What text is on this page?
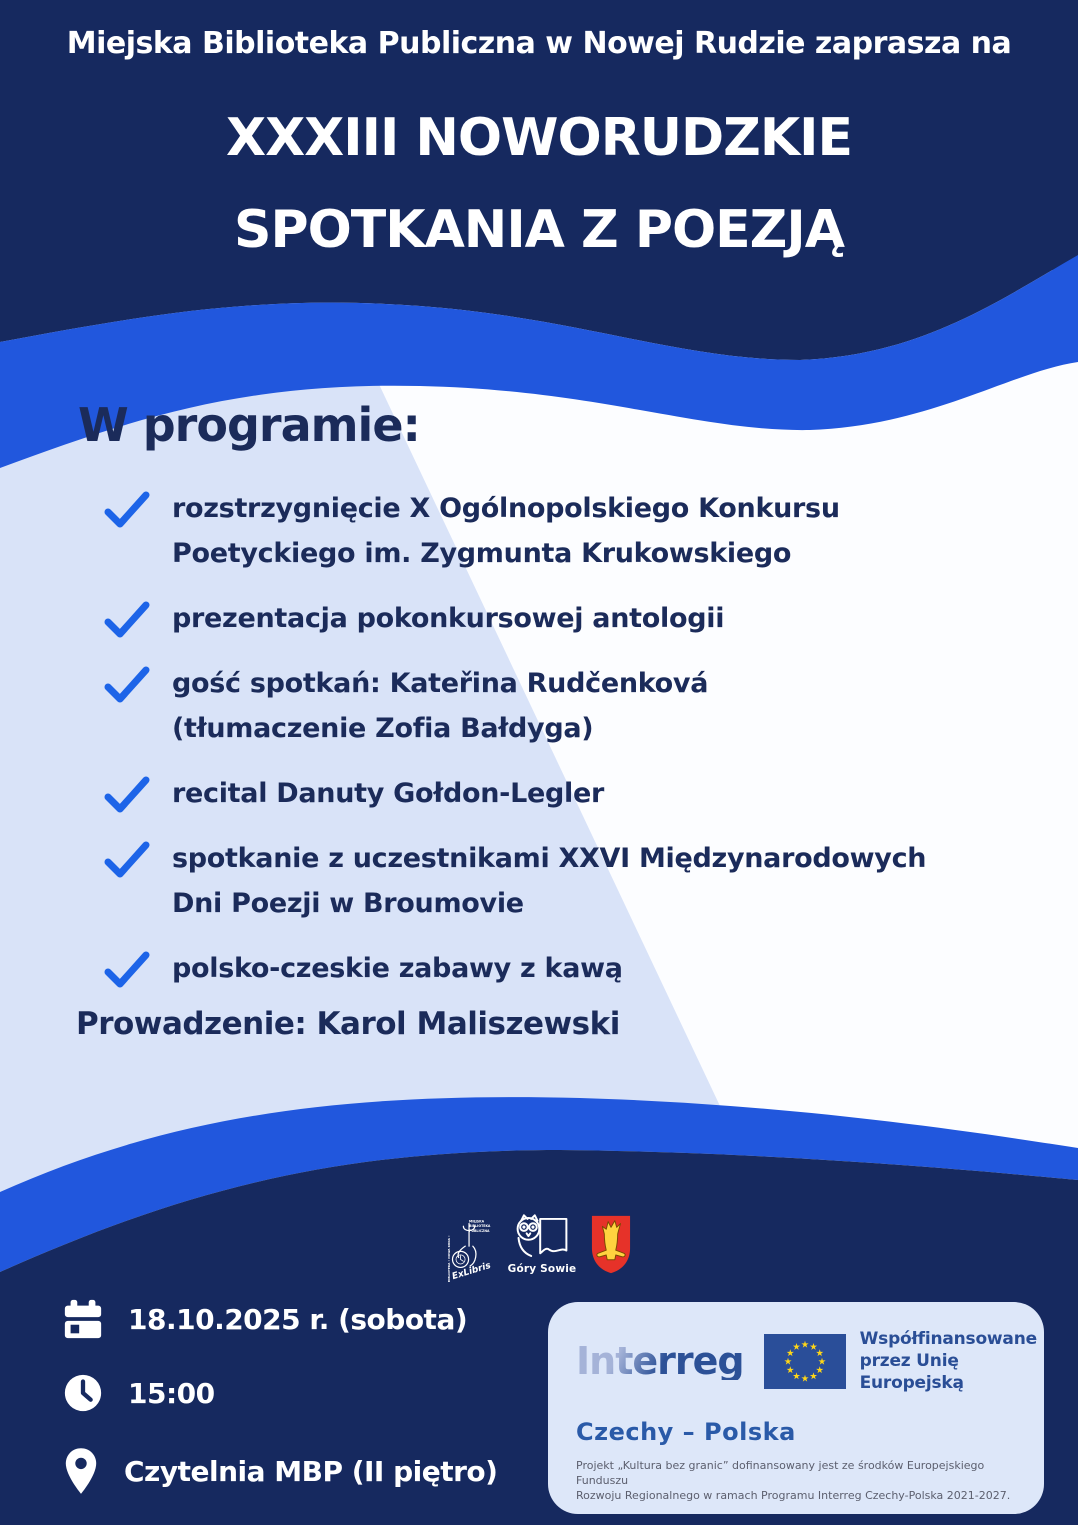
Miejska Biblioteka Publiczna w Nowej Rudzie zaprasza na
XXXIII NOWORUDZKIE
SPOTKANIA Z POEZJĄ
W programie:
rozstrzygnięcie X Ogólnopolskiego Konkursu
Poetyckiego im. Zygmunta Krukowskiego
prezentacja pokonkursowej antologii
gość spotkań: Kateřina Rudčenková
(tłumaczenie Zofia Bałdyga)
recital Danuty Gołdon-Legler
spotkanie z uczestnikami XXVI Międzynarodowych
Dni Poezji w Broumovie
polsko-czeskie zabawy z kawą
Prowadzenie: Karol Maliszewski
BIBLIOTEKA • NOWA RUDA •
MIEJSKA
BIBLIOTEKA
PUBLICZNA
ExLibris Góry Sowie
18.10.2025 r. (sobota)
15:00
Czytelnia MBP (II piętro)
Interreg	Współfinansowane
przez Unię Europejską
Czechy – Polska
Projekt „Kultura bez granic” dofinansowany jest ze środków Europejskiego Funduszu
Rozwoju Regionalnego w ramach Programu Interreg Czechy-Polska 2021-2027.
